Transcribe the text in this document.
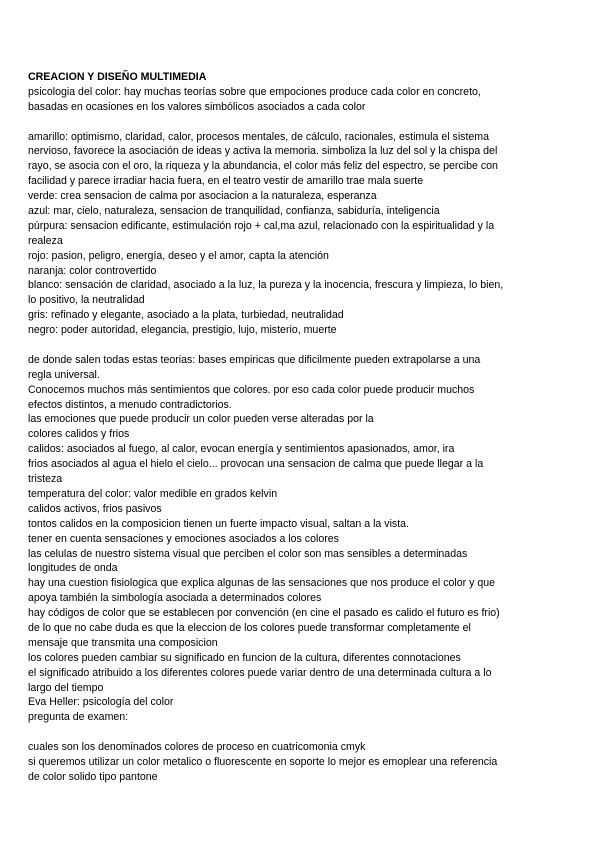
CREACION Y DISEÑO MULTIMEDIA
psicologia del color: hay muchas teorías sobre que empociones produce cada color en concreto,
basadas en ocasiones en los valores simbólicos asociados a cada color
amarillo: optimismo, claridad, calor, procesos mentales, de cálculo, racionales, estimula el sistema
nervioso, favorece la asociación de ideas y activa la memoria. simboliza la luz del sol y la chispa del
rayo, se asocia con el oro, la riqueza y la abundancia, el color más feliz del espectro, se percibe con
facilidad y parece irradiar hacia fuera, en el teatro vestir de amarillo trae mala suerte
verde: crea sensacion de calma por asociacion a la naturaleza, esperanza
azul: mar, cielo, naturaleza, sensacion de tranquilidad, confianza, sabiduría, inteligencia
púrpura: sensacion edificante, estimulación rojo + cal,ma azul, relacionado con la espiritualidad y la
realeza
rojo: pasion, peligro, energía, deseo y el amor, capta la atención
naranja: color controvertido
blanco: sensación de claridad, asociado a la luz, la pureza y la inocencia, frescura y limpieza, lo bien,
lo positivo, la neutralidad
gris: refinado y elegante, asociado a la plata, turbiedad, neutralidad
negro: poder autoridad, elegancia, prestigio, lujo, misterio, muerte
de donde salen todas estas teorias: bases empiricas que dificilmente pueden extrapolarse a una
regla universal.
Conocemos muchos más sentimientos que colores. por eso cada color puede producir muchos
efectos distintos, a menudo contradictorios.
las emociones que puede producir un color pueden verse alteradas por la
colores calidos y frios
calidos: asociados al fuego, al calor, evocan energía y sentimientos apasionados, amor, ira
frios asociados al agua el hielo el cielo... provocan una sensacion de calma que puede llegar a la
tristeza
temperatura del color: valor medible en grados kelvin
calidos activos, frios pasivos
tontos calidos en la composicion tienen un fuerte impacto visual, saltan a la vista.
tener en cuenta sensaciones y emociones asociados a los colores
las celulas de nuestro sistema visual que perciben el color son mas sensibles a determinadas
longitudes de onda
hay una cuestion fisiologica que explica algunas de las sensaciones que nos produce el color y que
apoya también la simbología asociada a determinados colores
hay códigos de color que se establecen por convención (en cine el pasado es calido el futuro es frio)
de lo que no cabe duda es que la eleccion de los colores puede transformar completamente el
mensaje que transmita una composicion
los colores pueden cambiar su significado en funcion de la cultura, diferentes connotaciones
el significado atribuido a los diferentes colores puede variar dentro de una determinada cultura a lo
largo del tiempo
Eva Heller: psicología del color
pregunta de examen:
cuales son los denominados colores de proceso en cuatricomonia cmyk
si queremos utilizar un color metalico o fluorescente en soporte lo mejor es emoplear una referencia
de color solido tipo pantone
